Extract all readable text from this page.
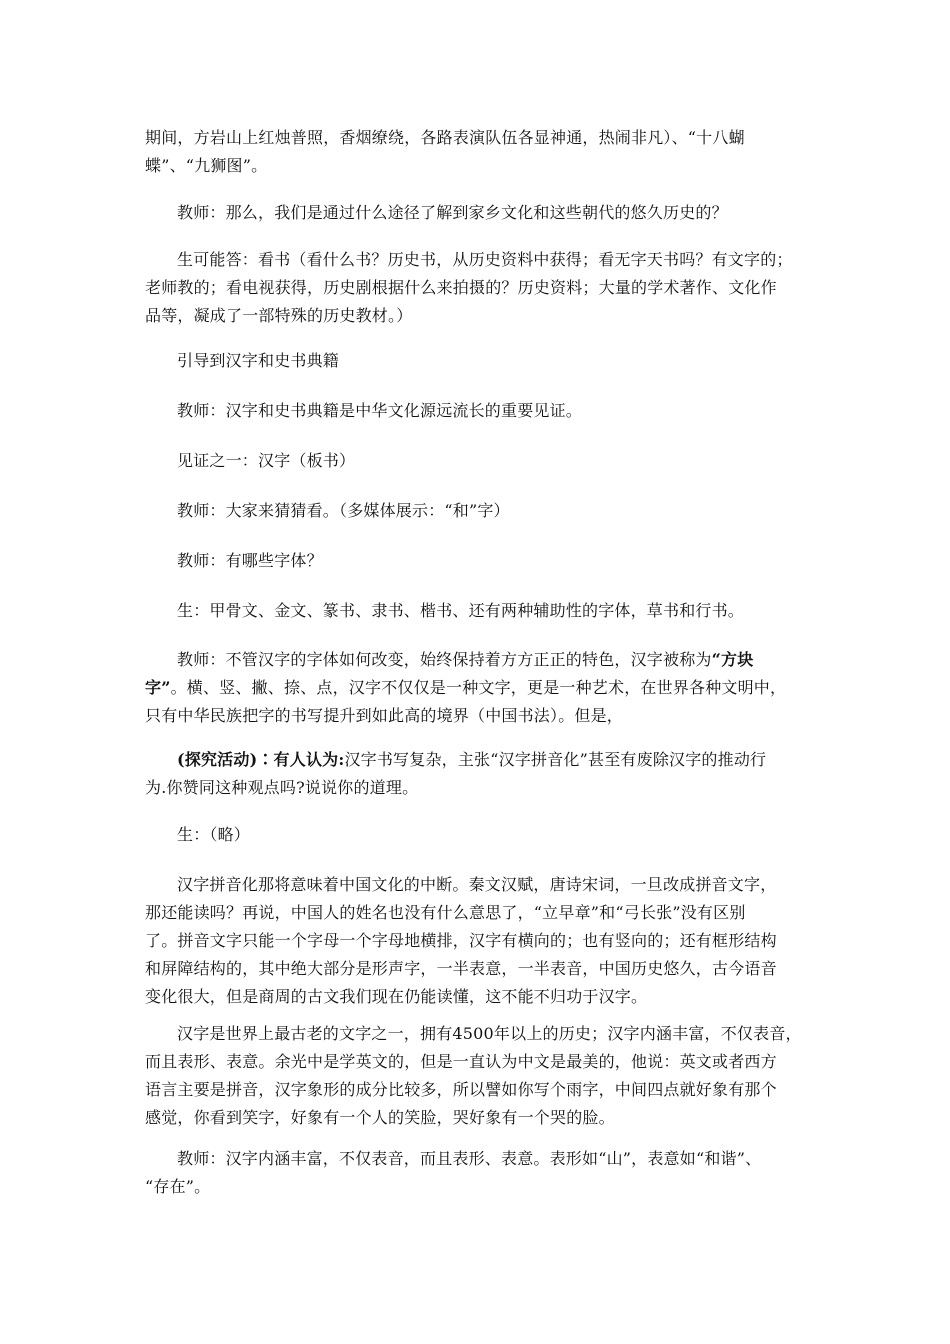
期间，方岩山上红烛普照，香烟缭绕，各路表演队伍各显神通，热闹非凡）、“十八蝴
蝶”、“九狮图”。

教师：那么，我们是通过什么途径了解到家乡文化和这些朝代的悠久历史的？

生可能答：看书（看什么书？历史书，从历史资料中获得；看无字天书吗？有文字的；
老师教的；看电视获得，历史剧根据什么来拍摄的？历史资料；大量的学术著作、文化作
品等，凝成了一部特殊的历史教材。）

引导到汉字和史书典籍

教师：汉字和史书典籍是中华文化源远流长的重要见证。

见证之一：汉字（板书）

教师：大家来猜猜看。（多媒体展示：“和”字）

教师：有哪些字体？

生：甲骨文、金文、篆书、隶书、楷书、还有两种辅助性的字体，草书和行书。

教师：不管汉字的字体如何改变，始终保持着方方正正的特色，汉字被称为“方块
字”。横、竖、撇、捺、点，汉字不仅仅是一种文字，更是一种艺术，在世界各种文明中，
只有中华民族把字的书写提升到如此高的境界（中国书法）。但是，

(探究活动)∶有人认为:汉字书写复杂，主张“汉字拼音化”甚至有废除汉字的推动行
为.你赞同这种观点吗?说说你的道理。

生：（略）

汉字拼音化那将意味着中国文化的中断。秦文汉赋，唐诗宋词，一旦改成拼音文字，
那还能读吗？再说，中国人的姓名也没有什么意思了，“立早章”和“弓长张”没有区别
了。拼音文字只能一个字母一个字母地横排，汉字有横向的；也有竖向的；还有框形结构
和屏障结构的，其中绝大部分是形声字，一半表意，一半表音，中国历史悠久，古今语音
变化很大，但是商周的古文我们现在仍能读懂，这不能不归功于汉字。

汉字是世界上最古老的文字之一，拥有4500年以上的历史；汉字内涵丰富，不仅表音，
而且表形、表意。余光中是学英文的，但是一直认为中文是最美的，他说：英文或者西方
语言主要是拼音，汉字象形的成分比较多，所以譬如你写个雨字，中间四点就好象有那个
感觉，你看到笑字，好象有一个人的笑脸，哭好象有一个哭的脸。

教师：汉字内涵丰富，不仅表音，而且表形、表意。表形如“山”，表意如“和谐”、
“存在”。
